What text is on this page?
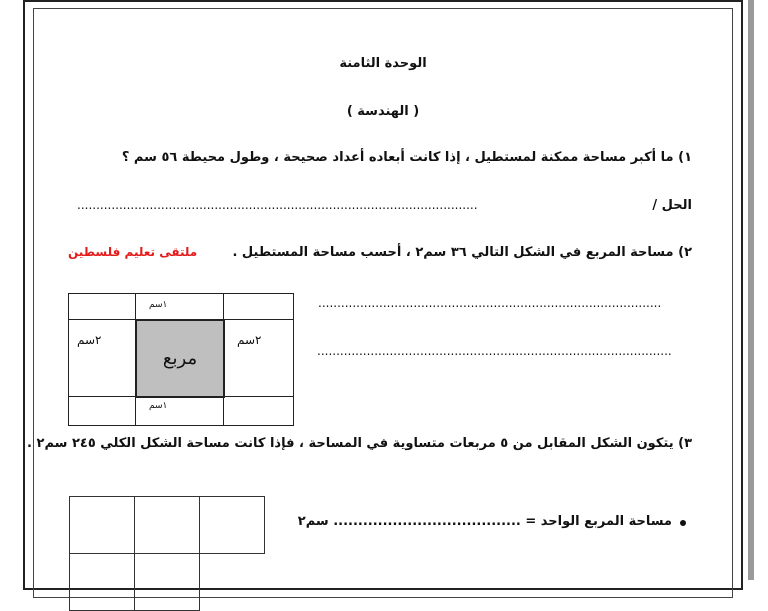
الوحدة الثامنة
( الهندسة )
١) ما أكبر مساحة ممكنة لمستطيل ، إذا كانت أبعاده أعداد صحيحة ، وطول محيطة ٥٦ سم ؟
الحل /
.........................................................................................................
٢) مساحة المربع في الشكل التالي ٣٦ سم٢ ، أحسب مساحة المستطيل .
ملتقى تعليم فلسطين
مربع
١سم
١سم
٢سم	٢سم
..........................................................................................
.............................................................................................
٣) يتكون الشكل المقابل من ٥ مربعات متساوية في المساحة ، فإذا كانت مساحة الشكل الكلي ٢٤٥ سم٢ .
مساحة المربع الواحد = ...................................... سم٢
